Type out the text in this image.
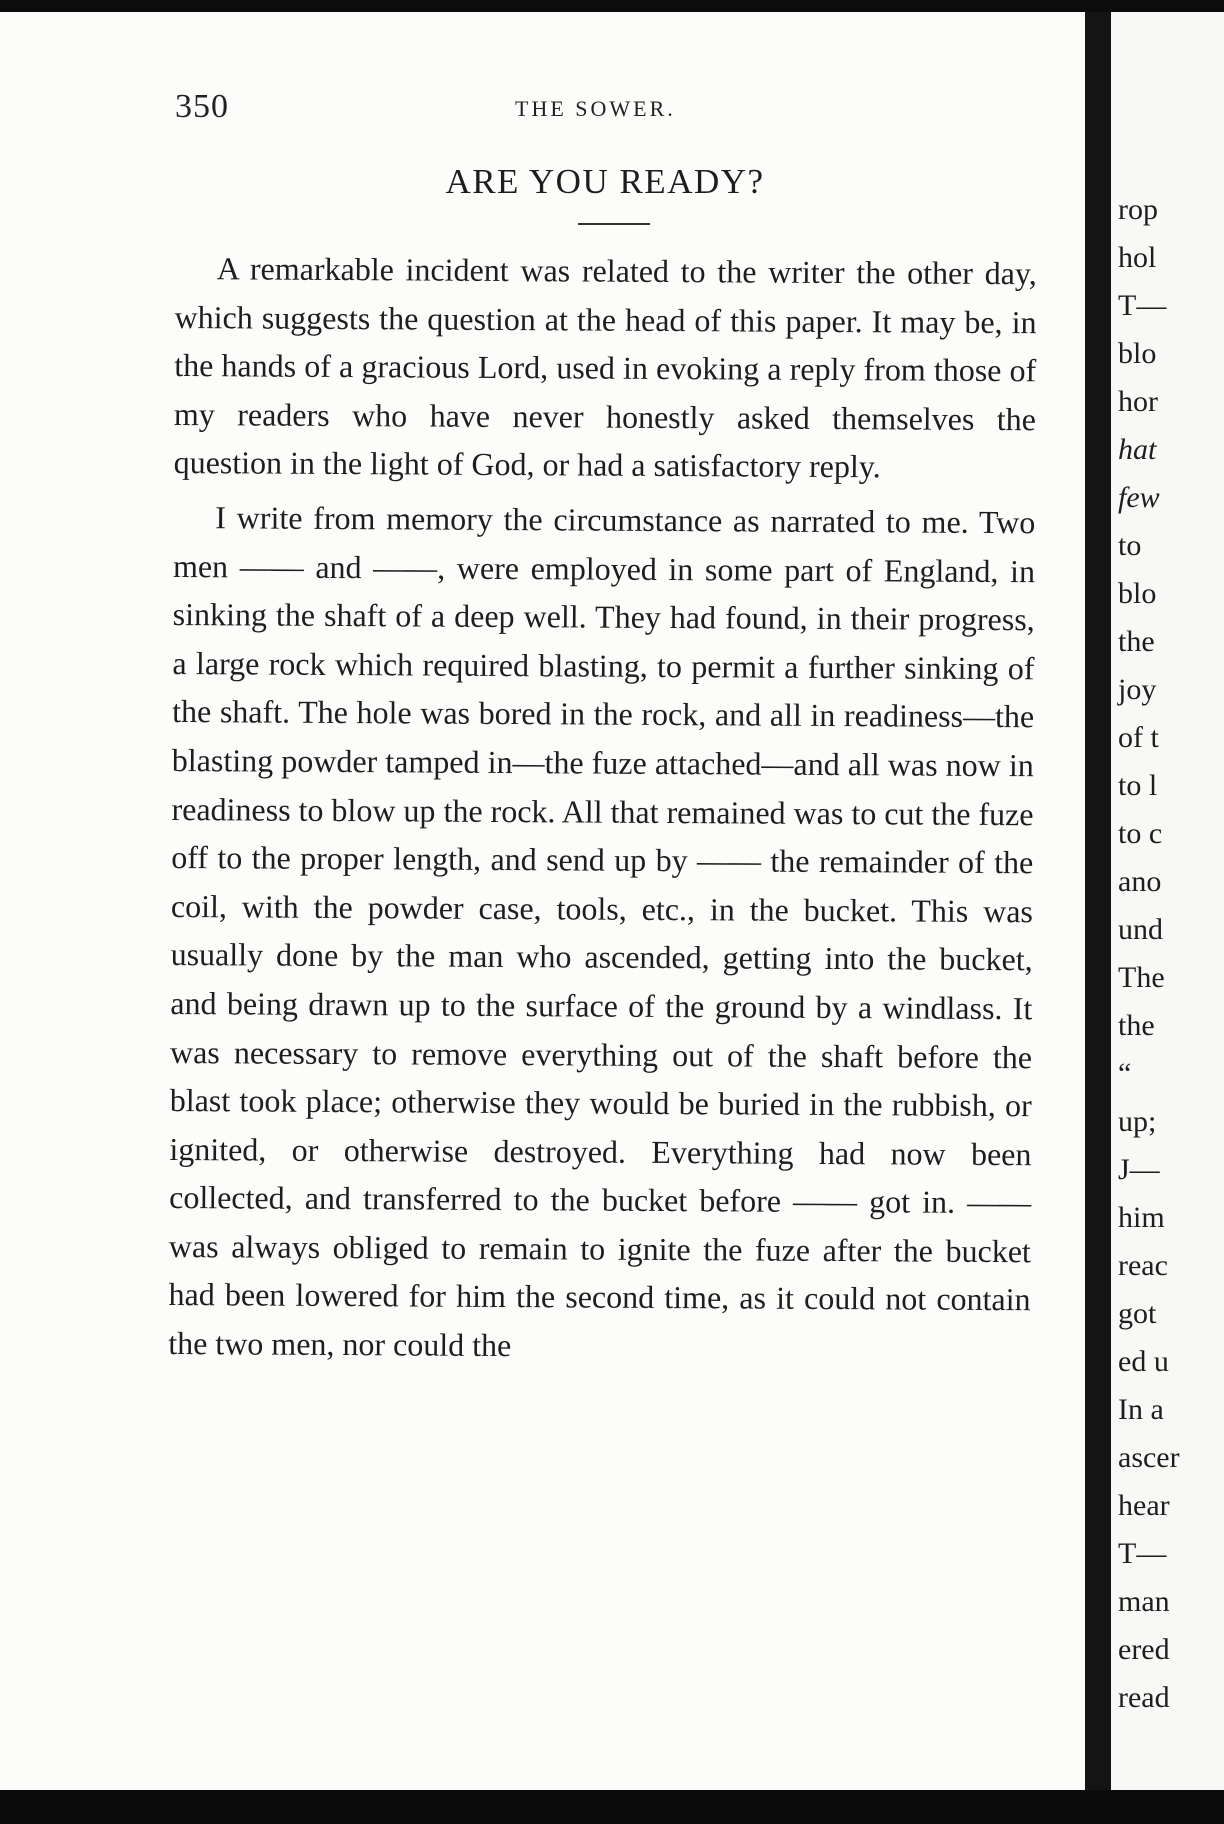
350	THE SOWER.
ARE YOU READY?

A remarkable incident was related to the writer the other day, which suggests the question at the head of this paper. It may be, in the hands of a gracious Lord, used in evoking a reply from those of my readers who have never honestly asked themselves the question in the light of God, or had a satisfactory reply.

I write from memory the circumstance as narrated to me. Two men —— and ——, were employed in some part of England, in sinking the shaft of a deep well. They had found, in their progress, a large rock which required blasting, to permit a further sinking of the shaft. The hole was bored in the rock, and all in readiness—the blasting powder tamped in—the fuze attached—and all was now in readiness to blow up the rock. All that remained was to cut the fuze off to the proper length, and send up by —— the remainder of the coil, with the powder case, tools, etc., in the bucket. This was usually done by the man who ascended, getting into the bucket, and being drawn up to the surface of the ground by a windlass. It was necessary to remove everything out of the shaft before the blast took place; otherwise they would be buried in the rubbish, or ignited, or otherwise destroyed. Everything had now been collected, and transferred to the bucket before —— got in. —— was always obliged to remain to ignite the fuze after the bucket had been lowered for him the second time, as it could not contain the two men, nor could the

rop
hol
T—
blo
hor
hat
few
to
blo
the
joy
of t
to l
to c
ano
und
The
the
“
up;
J—
him
reac
got
ed u
In a
ascer
hear
T—
man
ered
read
